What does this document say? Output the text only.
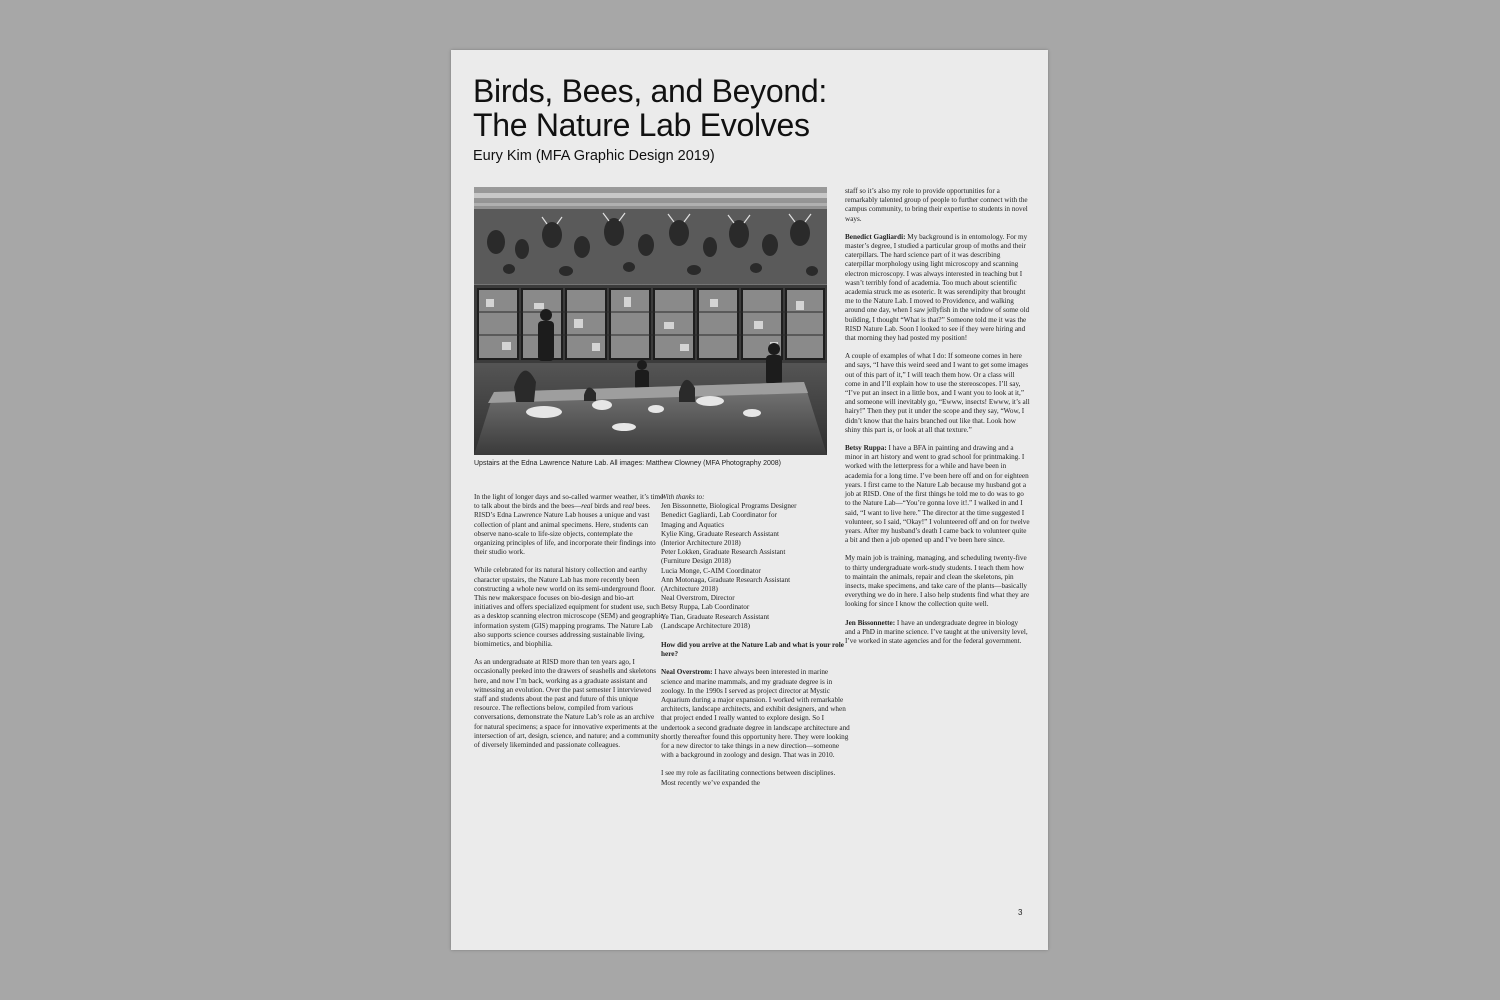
Birds, Bees, and Beyond:
The Nature Lab Evolves
Eury Kim (MFA Graphic Design 2019)
Upstairs at the Edna Lawrence Nature Lab. All images: Matthew Clowney (MFA Photography 2008)

In the light of longer days and so-called warmer weather, it’s time to talk about the birds and the bees—real birds and real bees. RISD’s Edna Lawrence Nature Lab houses a unique and vast collection of plant and animal specimens. Here, students can observe nano-scale to life-size objects, contemplate the organizing principles of life, and incorporate their findings into their studio work.

While celebrated for its natural history collection and earthy character upstairs, the Nature Lab has more recently been constructing a whole new world on its semi-underground floor. This new makerspace focuses on bio-design and bio-art initiatives and offers specialized equipment for student use, such as a desktop scanning electron microscope (SEM) and geographic information system (GIS) mapping programs. The Nature Lab also supports science courses addressing sustainable living, biomimetics, and biophilia.

As an undergraduate at RISD more than ten years ago, I occasionally peeked into the drawers of seashells and skeletons here, and now I’m back, working as a graduate assistant and witnessing an evolution. Over the past semester I interviewed staff and students about the past and future of this unique resource. The reflections below, compiled from various conversations, demonstrate the Nature Lab’s role as an archive for natural specimens; a space for innovative experiments at the intersection of art, design, science, and nature; and a community of diversely likeminded and passionate colleagues.

With thanks to:
Jen Bissonnette, Biological Programs Designer
Benedict Gagliardi, Lab Coordinator for
Imaging and Aquatics
Kylie King, Graduate Research Assistant
(Interior Architecture 2018)
Peter Lokken, Graduate Research Assistant
(Furniture Design 2018)
Lucia Monge, C-AIM Coordinator
Ann Motonaga, Graduate Research Assistant
(Architecture 2018)
Neal Overstrom, Director
Betsy Ruppa, Lab Coordinator
Ye Tian, Graduate Research Assistant
(Landscape Architecture 2018)

How did you arrive at the Nature Lab and what is your role here?

Neal Overstrom: I have always been interested in marine science and marine mammals, and my graduate degree is in zoology. In the 1990s I served as project director at Mystic Aquarium during a major expansion. I worked with remarkable architects, landscape architects, and exhibit designers, and when that project ended I really wanted to explore design. So I undertook a second graduate degree in landscape architecture and shortly thereafter found this opportunity here. They were looking for a new director to take things in a new direction—someone with a background in zoology and design. That was in 2010.

I see my role as facilitating connections between disciplines. Most recently we’ve expanded the

staff so it’s also my role to provide opportunities for a remarkably talented group of people to further connect with the campus community, to bring their expertise to students in novel ways.

Benedict Gagliardi: My background is in entomology. For my master’s degree, I studied a particular group of moths and their caterpillars. The hard science part of it was describing caterpillar morphology using light microscopy and scanning electron microscopy. I was always interested in teaching but I wasn’t terribly fond of academia. Too much about scientific academia struck me as esoteric. It was serendipity that brought me to the Nature Lab. I moved to Providence, and walking around one day, when I saw jellyfish in the window of some old building, I thought “What is that?” Someone told me it was the RISD Nature Lab. Soon I looked to see if they were hiring and that morning they had posted my position!

A couple of examples of what I do: If someone comes in here and says, “I have this weird seed and I want to get some images out of this part of it,” I will teach them how. Or a class will come in and I’ll explain how to use the stereoscopes. I’ll say, “I’ve put an insect in a little box, and I want you to look at it,” and someone will inevitably go, “Ewww, insects! Ewww, it’s all hairy!” Then they put it under the scope and they say, “Wow, I didn’t know that the hairs branched out like that. Look how shiny this part is, or look at all that texture.”

Betsy Ruppa: I have a BFA in painting and drawing and a minor in art history and went to grad school for printmaking. I worked with the letterpress for a while and have been in academia for a long time. I’ve been here off and on for eighteen years. I first came to the Nature Lab because my husband got a job at RISD. One of the first things he told me to do was to go to the Nature Lab—“You’re gonna love it!.” I walked in and I said, “I want to live here.” The director at the time suggested I volunteer, so I said, “Okay!” I volunteered off and on for twelve years. After my husband’s death I came back to volunteer quite a bit and then a job opened up and I’ve been here since.

My main job is training, managing, and scheduling twenty-five to thirty undergraduate work-study students. I teach them how to maintain the animals, repair and clean the skeletons, pin insects, make specimens, and take care of the plants—basically everything we do in here. I also help students find what they are looking for since I know the collection quite well.

Jen Bissonnette: I have an undergraduate degree in biology and a PhD in marine science. I’ve taught at the university level, I’ve worked in state agencies and for the federal government.

3
